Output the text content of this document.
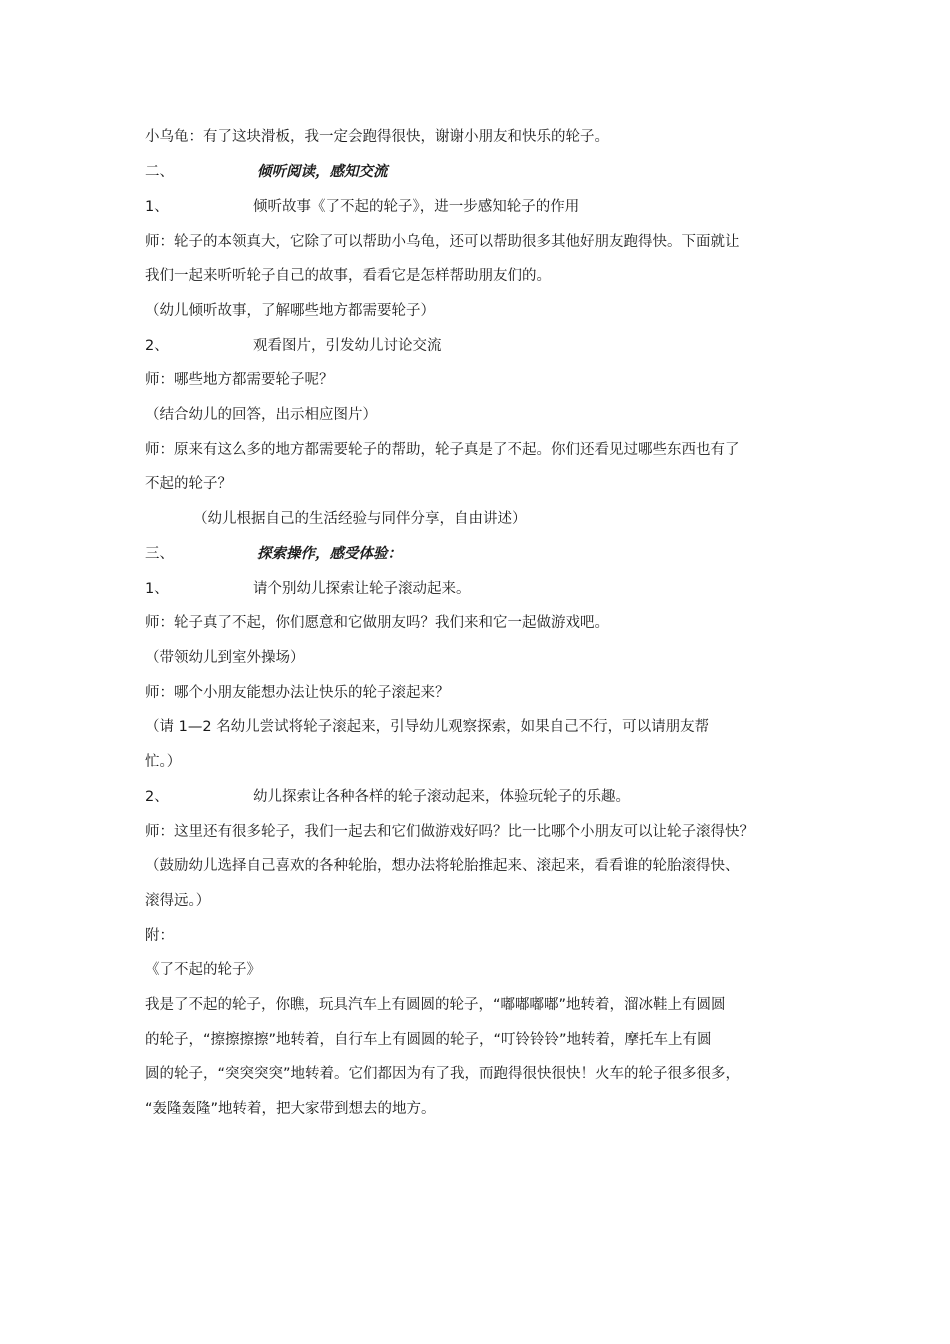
小乌龟：有了这块滑板，我一定会跑得很快，谢谢小朋友和快乐的轮子。
二、	倾听阅读，感知交流
1、	倾听故事《了不起的轮子》，进一步感知轮子的作用
师：轮子的本领真大，它除了可以帮助小乌龟，还可以帮助很多其他好朋友跑得快。下面就让
我们一起来听听轮子自己的故事，看看它是怎样帮助朋友们的。
（幼儿倾听故事，了解哪些地方都需要轮子）
2、	观看图片，引发幼儿讨论交流
师：哪些地方都需要轮子呢？
（结合幼儿的回答，出示相应图片）
师：原来有这么多的地方都需要轮子的帮助，轮子真是了不起。你们还看见过哪些东西也有了
不起的轮子？
（幼儿根据自己的生活经验与同伴分享，自由讲述）
三、	探索操作，感受体验：
1、	请个别幼儿探索让轮子滚动起来。
师：轮子真了不起，你们愿意和它做朋友吗？我们来和它一起做游戏吧。
（带领幼儿到室外操场）
师：哪个小朋友能想办法让快乐的轮子滚起来？
（请 1—2 名幼儿尝试将轮子滚起来，引导幼儿观察探索，如果自己不行，可以请朋友帮
忙。）
2、	幼儿探索让各种各样的轮子滚动起来，体验玩轮子的乐趣。
师：这里还有很多轮子，我们一起去和它们做游戏好吗？比一比哪个小朋友可以让轮子滚得快？
（鼓励幼儿选择自己喜欢的各种轮胎，想办法将轮胎推起来、滚起来，看看谁的轮胎滚得快、
滚得远。）
附：
《了不起的轮子》
我是了不起的轮子，你瞧，玩具汽车上有圆圆的轮子，“嘟嘟嘟嘟”地转着，溜冰鞋上有圆圆
的轮子，“擦擦擦擦”地转着，自行车上有圆圆的轮子，“叮铃铃铃”地转着，摩托车上有圆
圆的轮子，“突突突突”地转着。它们都因为有了我，而跑得很快很快！火车的轮子很多很多，
“轰隆轰隆”地转着，把大家带到想去的地方。
